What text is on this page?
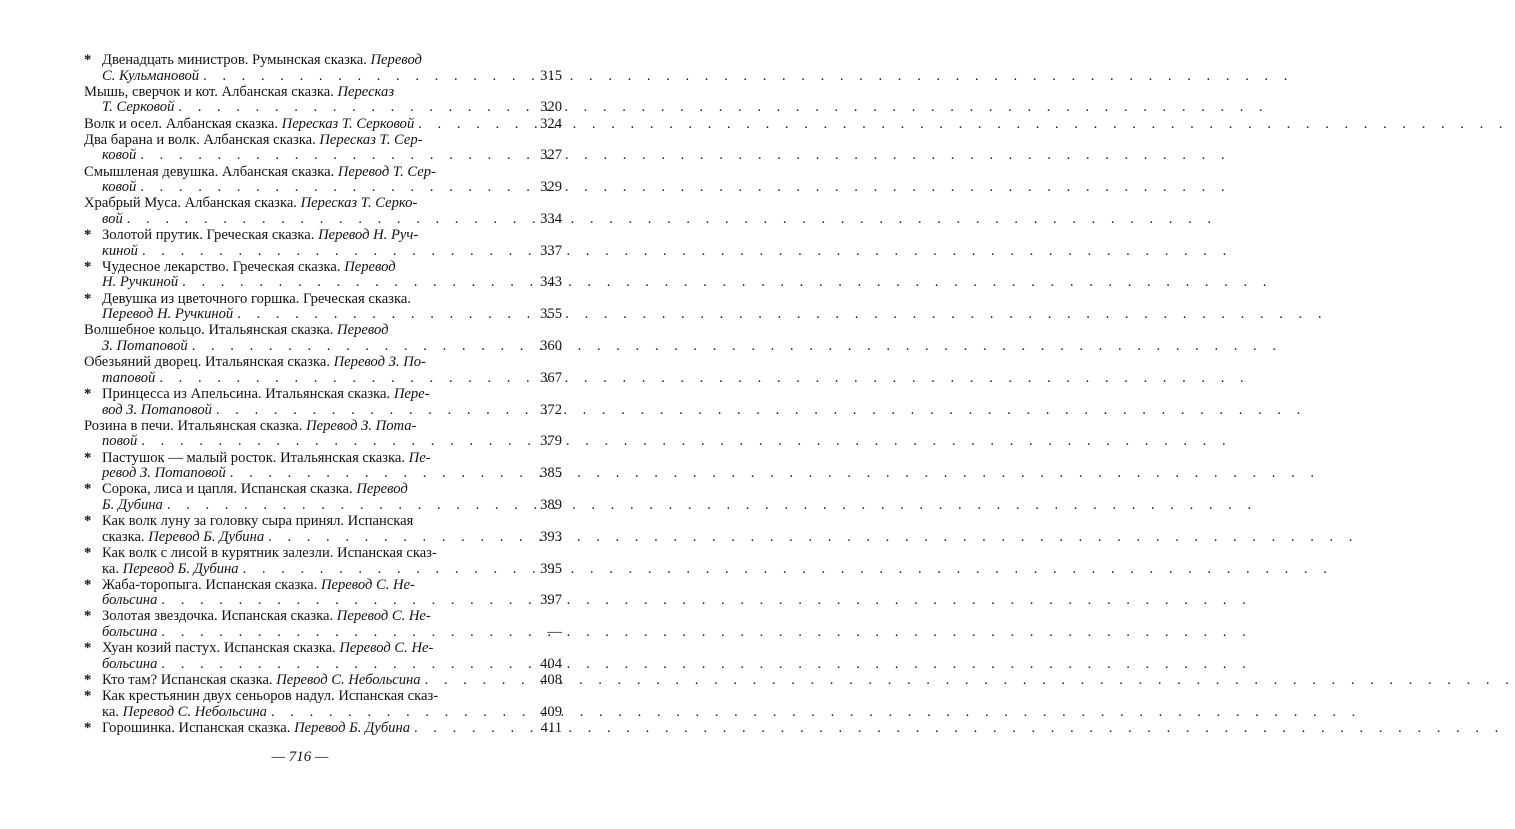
* Двенадцать министров. Румынская сказка. Перевод
С. Кульмановой . . .	315
Мышь, сверчок и кот. Албанская сказка. Пересказ
Т. Серковой . . .	320
Волк и осел. Албанская сказка. Пересказ Т. Серковой . . .	324
Два барана и волк. Албанская сказка. Пересказ Т. Сер-
ковой . . .	327
Смышленая девушка. Албанская сказка. Перевод Т. Сер-
ковой . . .	329
Храбрый Муса. Албанская сказка. Пересказ Т. Серко-
вой . . .	334
* Золотой прутик. Греческая сказка. Перевод Н. Руч-
киной . . .	337
* Чудесное лекарство. Греческая сказка. Перевод
Н. Ручкиной . . .	343
* Девушка из цветочного горшка. Греческая сказка.
Перевод Н. Ручкиной . . .	355
Волшебное кольцо. Итальянская сказка. Перевод
З. Потаповой . . .	360
Обезьяний дворец. Итальянская сказка. Перевод З. По-
таповой . . .	367
* Принцесса из Апельсина. Итальянская сказка. Пере-
вод З. Потаповой . . .	372
Розина в печи. Итальянская сказка. Перевод З. Пота-
повой . . .	379
* Пастушок — малый росток. Итальянская сказка. Пе-
ревод З. Потаповой . . .	385
* Сорока, лиса и цапля. Испанская сказка. Перевод
Б. Дубина . . .	389
* Как волк луну за головку сыра принял. Испанская
сказка. Перевод Б. Дубина . . .	393
* Как волк с лисой в курятник залезли. Испанская сказ-
ка. Перевод Б. Дубина . . .	395
* Жаба-торопыга. Испанская сказка. Перевод С. Не-
больсина . . .	397
* Золотая звездочка. Испанская сказка. Перевод С. Не-
больсина . . .	—
* Хуан козий пастух. Испанская сказка. Перевод С. Не-
больсина . . .	404
* Кто там? Испанская сказка. Перевод С. Небольсина . . .	408
* Как крестьянин двух сеньоров надул. Испанская сказ-
ка. Перевод С. Небольсина . . .	409
* Горошинка. Испанская сказка. Перевод Б. Дубина . . .	411
— 716 —
